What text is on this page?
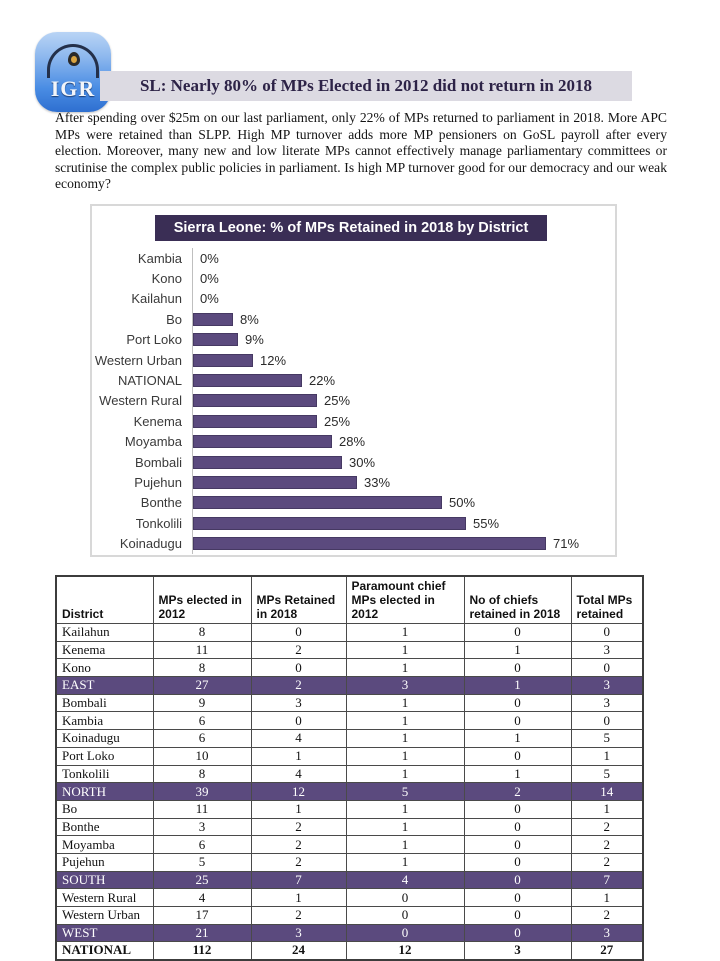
IGR	SL: Nearly 80% of MPs Elected in 2012 did not return in 2018

After spending over $25m on our last parliament, only 22% of MPs returned to parliament in 2018. More APC MPs were retained than SLPP. High MP turnover adds more MP pensioners on GoSL payroll after every election. Moreover, many new and low literate MPs cannot effectively manage parliamentary committees or scrutinise the complex public policies in parliament. Is high MP turnover good for our democracy and our weak economy?

Sierra Leone: % of MPs Retained in 2018 by District
Kambia	0%
Kono	0%
Kailahun	0%
Bo	8%
Port Loko	9%
Western Urban	12%
NATIONAL	22%
Western Rural	25%
Kenema	25%
Moyamba	28%
Bombali	30%
Pujehun	33%
Bonthe	50%
Tonkolili	55%
Koinadugu	71%
District	MPs elected in 2012	MPs Retained in 2018	Paramount chief MPs elected in 2012	No of chiefs retained in 2018	Total MPs retained
Kailahun	8	0	1	0	0
Kenema	11	2	1	1	3
Kono	8	0	1	0	0
EAST	27	2	3	1	3
Bombali	9	3	1	0	3
Kambia	6	0	1	0	0
Koinadugu	6	4	1	1	5
Port Loko	10	1	1	0	1
Tonkolili	8	4	1	1	5
NORTH	39	12	5	2	14
Bo	11	1	1	0	1
Bonthe	3	2	1	0	2
Moyamba	6	2	1	0	2
Pujehun	5	2	1	0	2
SOUTH	25	7	4	0	7
Western Rural	4	1	0	0	1
Western Urban	17	2	0	0	2
WEST	21	3	0	0	3
NATIONAL	112	24	12	3	27
